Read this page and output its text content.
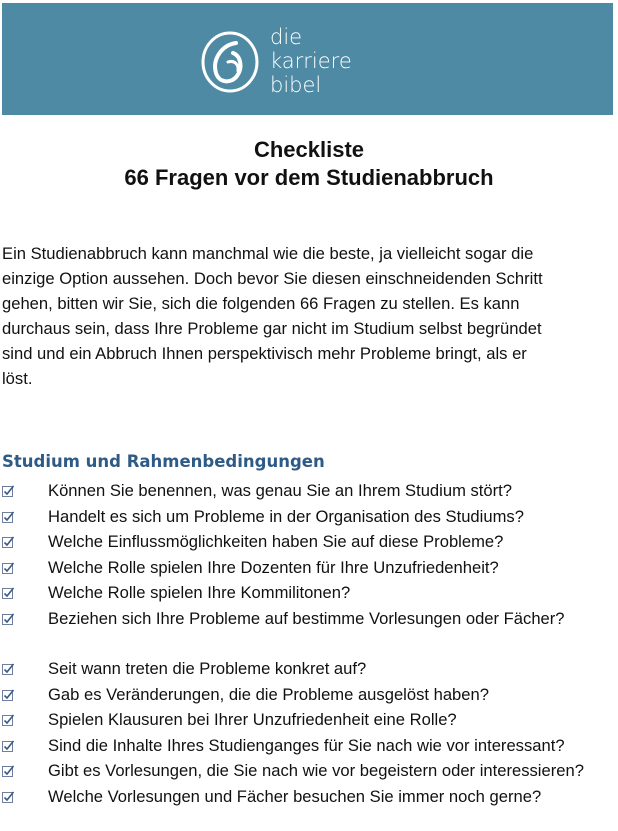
die
karriere
bibel
Checkliste
66 Fragen vor dem Studienabbruch
Ein Studienabbruch kann manchmal wie die beste, ja vielleicht sogar die
einzige Option aussehen. Doch bevor Sie diesen einschneidenden Schritt
gehen, bitten wir Sie, sich die folgenden 66 Fragen zu stellen. Es kann
durchaus sein, dass Ihre Probleme gar nicht im Studium selbst begründet
sind und ein Abbruch Ihnen perspektivisch mehr Probleme bringt, als er
löst.
Studium und Rahmenbedingungen
Können Sie benennen, was genau Sie an Ihrem Studium stört?
Handelt es sich um Probleme in der Organisation des Studiums?
Welche Einflussmöglichkeiten haben Sie auf diese Probleme?
Welche Rolle spielen Ihre Dozenten für Ihre Unzufriedenheit?
Welche Rolle spielen Ihre Kommilitonen?
Beziehen sich Ihre Probleme auf bestimme Vorlesungen oder Fächer?
Seit wann treten die Probleme konkret auf?
Gab es Veränderungen, die die Probleme ausgelöst haben?
Spielen Klausuren bei Ihrer Unzufriedenheit eine Rolle?
Sind die Inhalte Ihres Studienganges für Sie nach wie vor interessant?
Gibt es Vorlesungen, die Sie nach wie vor begeistern oder interessieren?
Welche Vorlesungen und Fächer besuchen Sie immer noch gerne?
